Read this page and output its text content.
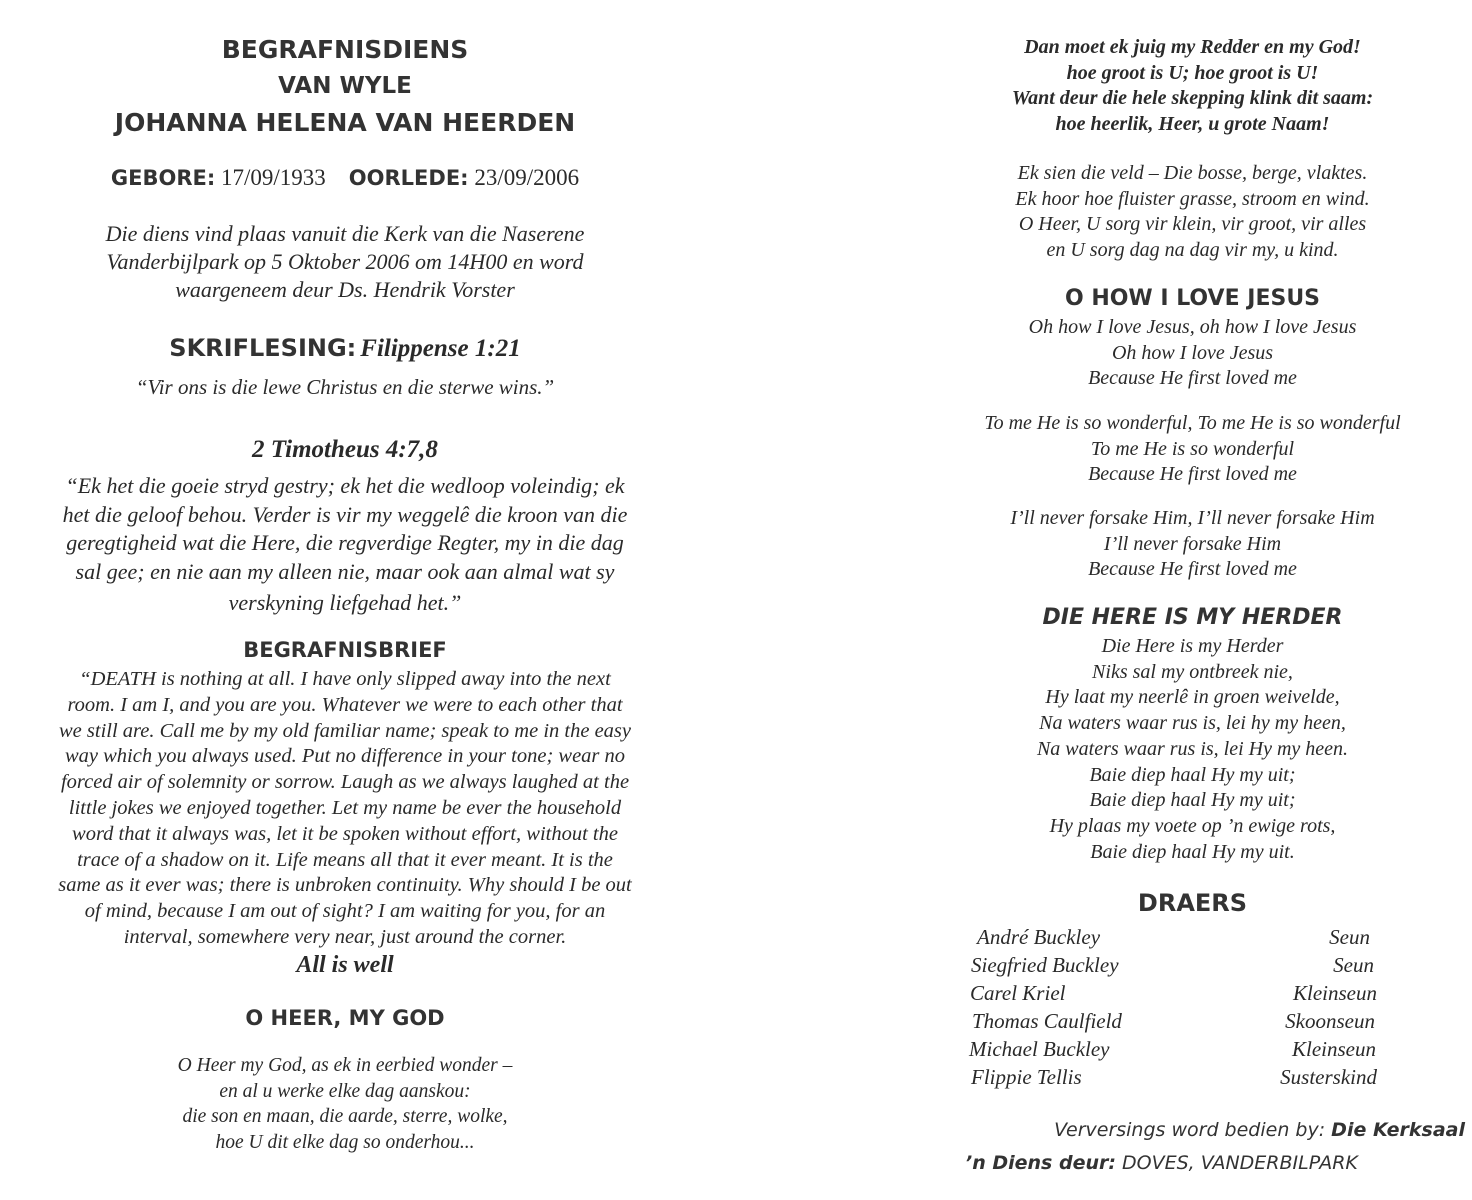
BEGRAFNISDIENS
VAN WYLE
JOHANNA HELENA VAN HEERDEN
GEBORE: 17/09/1933 OORLEDE: 23/09/2006
Die diens vind plaas vanuit die Kerk van die Naserene
Vanderbijlpark op 5 Oktober 2006 om 14H00 en word
waargeneem deur Ds. Hendrik Vorster
SKRIFLESING: Filippense 1:21
“Vir ons is die lewe Christus en die sterwe wins.”
2 Timotheus 4:7,8
“Ek het die goeie stryd gestry; ek het die wedloop voleindig; ek
het die geloof behou. Verder is vir my weggelê die kroon van die
geregtigheid wat die Here, die regverdige Regter, my in die dag
sal gee; en nie aan my alleen nie, maar ook aan almal wat sy
verskyning liefgehad het.”
BEGRAFNISBRIEF
“DEATH is nothing at all. I have only slipped away into the next
room. I am I, and you are you. Whatever we were to each other that
we still are. Call me by my old familiar name; speak to me in the easy
way which you always used. Put no difference in your tone; wear no
forced air of solemnity or sorrow. Laugh as we always laughed at the
little jokes we enjoyed together. Let my name be ever the household
word that it always was, let it be spoken without effort, without the
trace of a shadow on it. Life means all that it ever meant. It is the
same as it ever was; there is unbroken continuity. Why should I be out
of mind, because I am out of sight? I am waiting for you, for an
interval, somewhere very near, just around the corner.
All is well
O HEER, MY GOD
O Heer my God, as ek in eerbied wonder –
en al u werke elke dag aanskou:
die son en maan, die aarde, sterre, wolke,
hoe U dit elke dag so onderhou...
Dan moet ek juig my Redder en my God!
hoe groot is U; hoe groot is U!
Want deur die hele skepping klink dit saam:
hoe heerlik, Heer, u grote Naam!
Ek sien die veld – Die bosse, berge, vlaktes.
Ek hoor hoe fluister grasse, stroom en wind.
O Heer, U sorg vir klein, vir groot, vir alles
en U sorg dag na dag vir my, u kind.
O HOW I LOVE JESUS
Oh how I love Jesus, oh how I love Jesus
Oh how I love Jesus
Because He first loved me
To me He is so wonderful, To me He is so wonderful
To me He is so wonderful
Because He first loved me
I’ll never forsake Him, I’ll never forsake Him
I’ll never forsake Him
Because He first loved me
DIE HERE IS MY HERDER
Die Here is my Herder
Niks sal my ontbreek nie,
Hy laat my neerlê in groen weivelde,
Na waters waar rus is, lei hy my heen,
Na waters waar rus is, lei Hy my heen.
Baie diep haal Hy my uit;
Baie diep haal Hy my uit;
Hy plaas my voete op ’n ewige rots,
Baie diep haal Hy my uit.
DRAERS
André Buckley	Seun
Siegfried Buckley	Seun
Carel Kriel	Kleinseun
Thomas Caulfield	Skoonseun
Michael Buckley	Kleinseun
Flippie Tellis	Susterskind
Verversings word bedien by: Die Kerksaal
’n Diens deur: DOVES, VANDERBILPARK
